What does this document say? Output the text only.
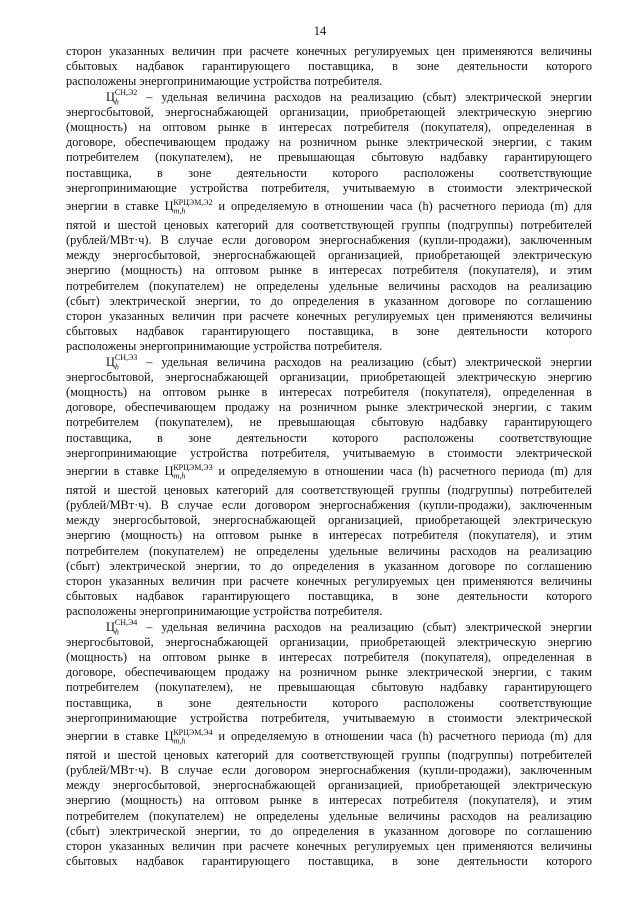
14
сторон указанных величин при расчете конечных регулируемых цен применяются величины
сбытовых надбавок гарантирующего поставщика, в зоне деятельности которого
расположены энергопринимающие устройства потребителя.
$Ц_h^{СН,Э2}$ – удельная величина расходов на реализацию (сбыт) электрической энергии
энергосбытовой, энергоснабжающей организации, приобретающей электрическую энергию
(мощность) на оптовом рынке в интересах потребителя (покупателя), определенная в
договоре, обеспечивающем продажу на розничном рынке электрической энергии, с таким
потребителем (покупателем), не превышающая сбытовую надбавку гарантирующего
поставщика, в зоне деятельности которого расположены соответствующие
энергопринимающие устройства потребителя, учитываемую в стоимости электрической
энергии в ставке $Ц_{m,h}^{КРЦЭМ,Э2}$ и определяемую в отношении часа (h) расчетного периода (m) для
пятой и шестой ценовых категорий для соответствующей группы (подгруппы) потребителей
(рублей/МВт·ч). В случае если договором энергоснабжения (купли-продажи), заключенным
между энергосбытовой, энергоснабжающей организацией, приобретающей электрическую
энергию (мощность) на оптовом рынке в интересах потребителя (покупателя), и этим
потребителем (покупателем) не определены удельные величины расходов на реализацию
(сбыт) электрической энергии, то до определения в указанном договоре по соглашению
сторон указанных величин при расчете конечных регулируемых цен применяются величины
сбытовых надбавок гарантирующего поставщика, в зоне деятельности которого
расположены энергопринимающие устройства потребителя.
$Ц_h^{СН,Э3}$ – удельная величина расходов на реализацию (сбыт) электрической энергии
энергосбытовой, энергоснабжающей организации, приобретающей электрическую энергию
(мощность) на оптовом рынке в интересах потребителя (покупателя), определенная в
договоре, обеспечивающем продажу на розничном рынке электрической энергии, с таким
потребителем (покупателем), не превышающая сбытовую надбавку гарантирующего
поставщика, в зоне деятельности которого расположены соответствующие
энергопринимающие устройства потребителя, учитываемую в стоимости электрической
энергии в ставке $Ц_{m,h}^{КРЦЭМ,Э3}$ и определяемую в отношении часа (h) расчетного периода (m) для
пятой и шестой ценовых категорий для соответствующей группы (подгруппы) потребителей
(рублей/МВт·ч). В случае если договором энергоснабжения (купли-продажи), заключенным
между энергосбытовой, энергоснабжающей организацией, приобретающей электрическую
энергию (мощность) на оптовом рынке в интересах потребителя (покупателя), и этим
потребителем (покупателем) не определены удельные величины расходов на реализацию
(сбыт) электрической энергии, то до определения в указанном договоре по соглашению
сторон указанных величин при расчете конечных регулируемых цен применяются величины
сбытовых надбавок гарантирующего поставщика, в зоне деятельности которого
расположены энергопринимающие устройства потребителя.
$Ц_h^{СН,Э4}$ – удельная величина расходов на реализацию (сбыт) электрической энергии
энергосбытовой, энергоснабжающей организации, приобретающей электрическую энергию
(мощность) на оптовом рынке в интересах потребителя (покупателя), определенная в
договоре, обеспечивающем продажу на розничном рынке электрической энергии, с таким
потребителем (покупателем), не превышающая сбытовую надбавку гарантирующего
поставщика, в зоне деятельности которого расположены соответствующие
энергопринимающие устройства потребителя, учитываемую в стоимости электрической
энергии в ставке $Ц_{m,h}^{КРЦЭМ,Э4}$ и определяемую в отношении часа (h) расчетного периода (m) для
пятой и шестой ценовых категорий для соответствующей группы (подгруппы) потребителей
(рублей/МВт·ч). В случае если договором энергоснабжения (купли-продажи), заключенным
между энергосбытовой, энергоснабжающей организацией, приобретающей электрическую
энергию (мощность) на оптовом рынке в интересах потребителя (покупателя), и этим
потребителем (покупателем) не определены удельные величины расходов на реализацию
(сбыт) электрической энергии, то до определения в указанном договоре по соглашению
сторон указанных величин при расчете конечных регулируемых цен применяются величины
сбытовых надбавок гарантирующего поставщика, в зоне деятельности которого
